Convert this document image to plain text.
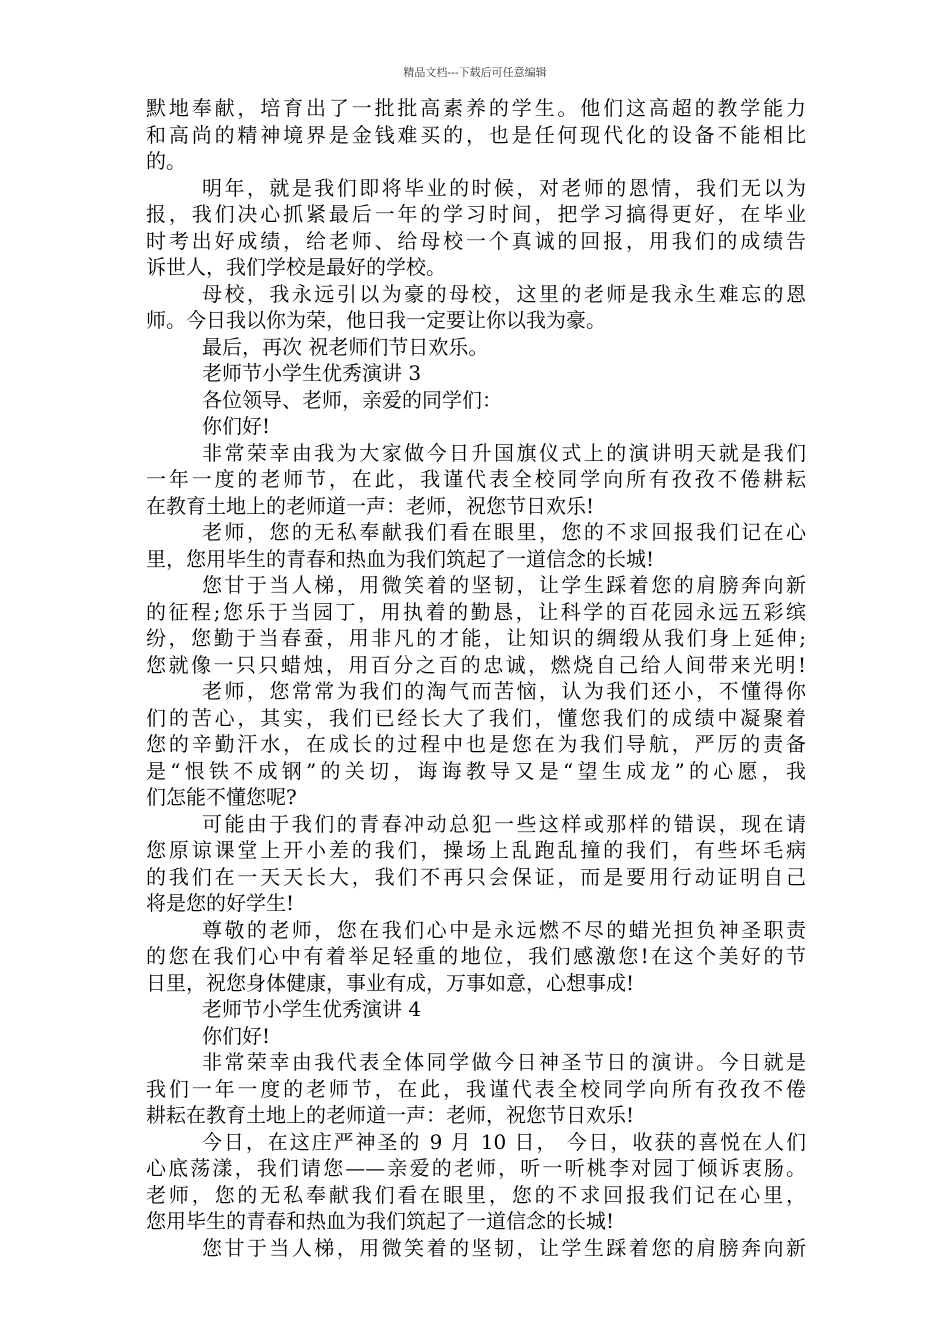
精品文档---下载后可任意编辑
默地奉献，培育出了一批批高素养的学生。他们这高超的教学能力
和高尚的精神境界是金钱难买的，也是任何现代化的设备不能相比
的。
明年，就是我们即将毕业的时候，对老师的恩情，我们无以为
报，我们决心抓紧最后一年的学习时间，把学习搞得更好，在毕业
时考出好成绩，给老师、给母校一个真诚的回报，用我们的成绩告
诉世人，我们学校是最好的学校。
母校，我永远引以为豪的母校，这里的老师是我永生难忘的恩
师。今日我以你为荣，他日我一定要让你以我为豪。
最后，再次 祝老师们节日欢乐。
老师节小学生优秀演讲 3
各位领导、老师，亲爱的同学们：
你们好!
非常荣幸由我为大家做今日升国旗仪式上的演讲明天就是我们
一年一度的老师节，在此，我谨代表全校同学向所有孜孜不倦耕耘
在教育土地上的老师道一声：老师，祝您节日欢乐!
老师，您的无私奉献我们看在眼里，您的不求回报我们记在心
里，您用毕生的青春和热血为我们筑起了一道信念的长城!
您甘于当人梯，用微笑着的坚韧，让学生踩着您的肩膀奔向新
的征程;您乐于当园丁，用执着的勤恳，让科学的百花园永远五彩缤
纷，您勤于当春蚕，用非凡的才能，让知识的绸缎从我们身上延伸;
您就像一只只蜡烛，用百分之百的忠诚，燃烧自己给人间带来光明!
老师，您常常为我们的淘气而苦恼，认为我们还小，不懂得你
们的苦心，其实，我们已经长大了我们，懂您我们的成绩中凝聚着
您的辛勤汗水，在成长的过程中也是您在为我们导航，严厉的责备
是“恨铁不成钢”的关切，诲诲教导又是“望生成龙”的心愿，我
们怎能不懂您呢?
可能由于我们的青春冲动总犯一些这样或那样的错误，现在请
您原谅课堂上开小差的我们，操场上乱跑乱撞的我们，有些坏毛病
的我们在一天天长大，我们不再只会保证，而是要用行动证明自己
将是您的好学生!
尊敬的老师，您在我们心中是永远燃不尽的蜡光担负神圣职责
的您在我们心中有着举足轻重的地位，我们感激您!在这个美好的节
日里，祝您身体健康，事业有成，万事如意，心想事成!
老师节小学生优秀演讲 4
你们好!
非常荣幸由我代表全体同学做今日神圣节日的演讲。今日就是
我们一年一度的老师节，在此，我谨代表全校同学向所有孜孜不倦
耕耘在教育土地上的老师道一声：老师，祝您节日欢乐!
今日，在这庄严神圣的 9 月 10 日， 今日，收获的喜悦在人们
心底荡漾，我们请您——亲爱的老师，听一听桃李对园丁倾诉衷肠。
老师，您的无私奉献我们看在眼里，您的不求回报我们记在心里，
您用毕生的青春和热血为我们筑起了一道信念的长城!
您甘于当人梯，用微笑着的坚韧，让学生踩着您的肩膀奔向新
